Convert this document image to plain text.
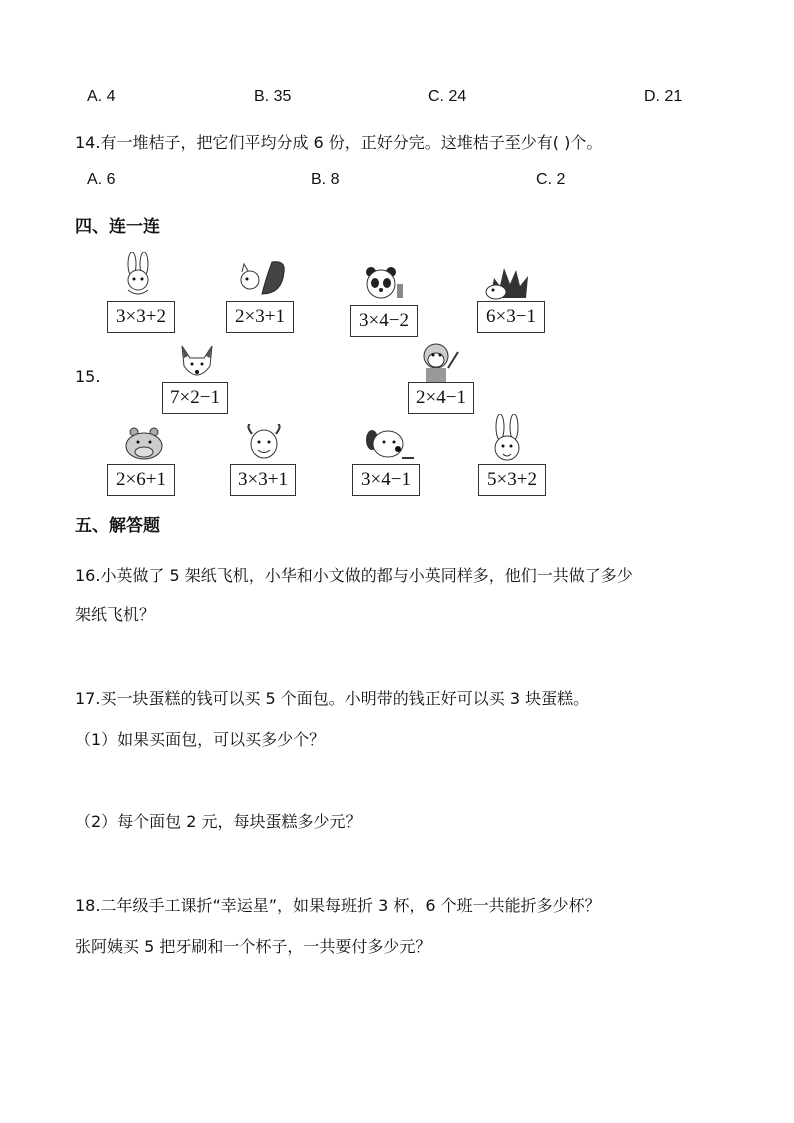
A. 4	B. 35	C. 24	D. 21
14.有一堆桔子，把它们平均分成 6 份，正好分完。这堆桔子至少有( )个。
A. 6	B. 8	C. 2
四、连一连
15.
3×3+2	2×3+1	3×4−2	6×3−1
7×2−1	2×4−1
2×6+1	3×3+1	3×4−1	5×3+2
五、解答题
16.小英做了 5 架纸飞机，小华和小文做的都与小英同样多，他们一共做了多少
架纸飞机？
17.买一块蛋糕的钱可以买 5 个面包。小明带的钱正好可以买 3 块蛋糕。
（1）如果买面包，可以买多少个？
（2）每个面包 2 元，每块蛋糕多少元？
18.二年级手工课折“幸运星”，如果每班折 3 杯，6 个班一共能折多少杯？
张阿姨买 5 把牙刷和一个杯子，一共要付多少元？
